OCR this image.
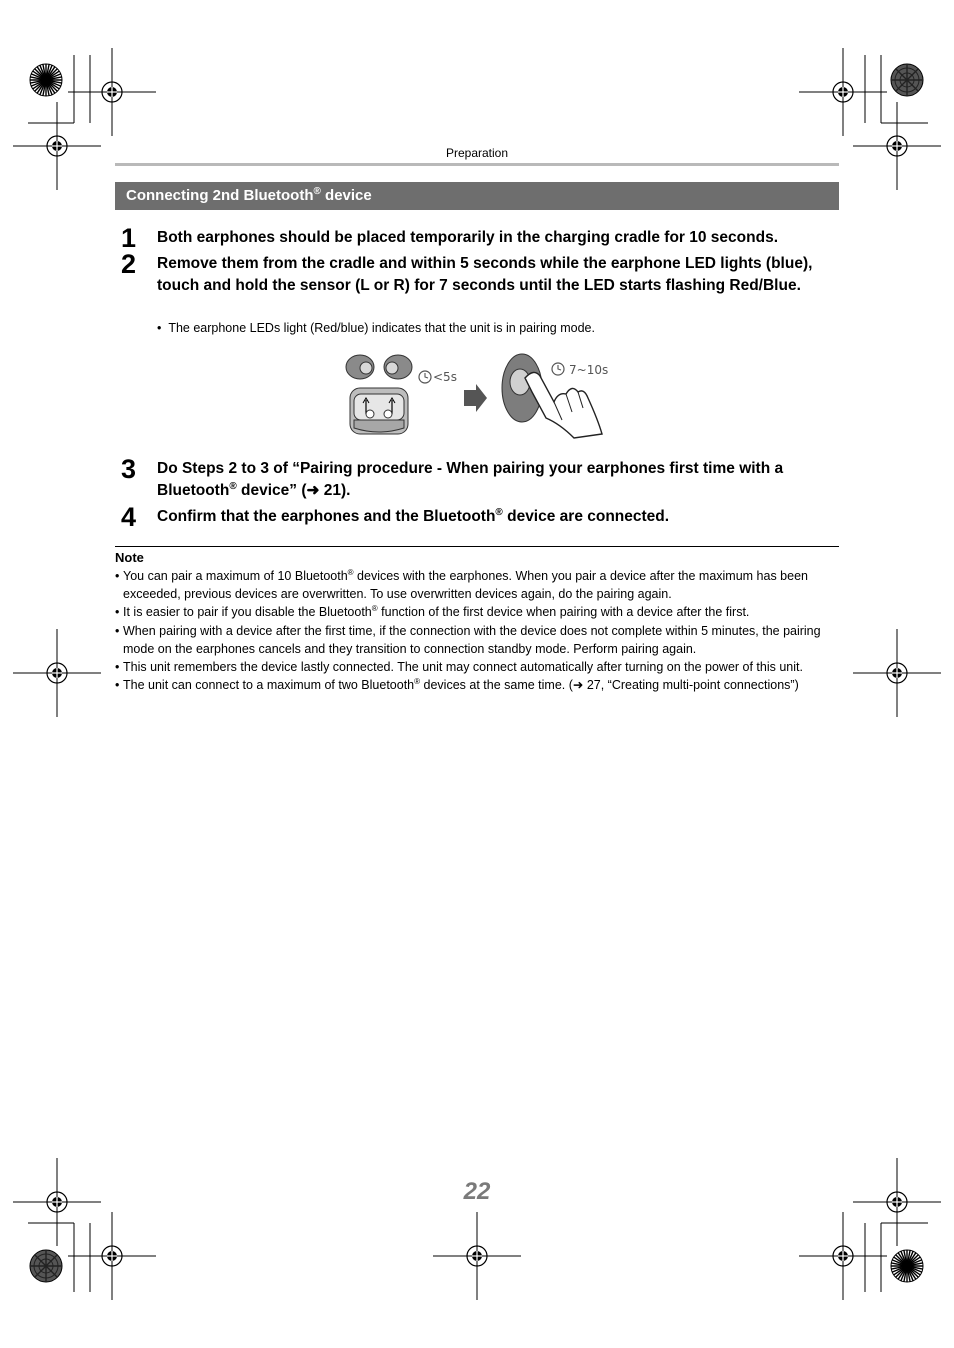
Preparation
Connecting 2nd Bluetooth® device
1 Both earphones should be placed temporarily in the charging cradle for 10 seconds.
2 Remove them from the cradle and within 5 seconds while the earphone LED lights (blue), touch and hold the sensor (L or R) for 7 seconds until the LED starts flashing Red/Blue.
•  The earphone LEDs light (Red/blue) indicates that the unit is in pairing mode.
<5s	7~10s
3 Do Steps 2 to 3 of “Pairing procedure - When pairing your earphones first time with a Bluetooth® device” (➜ 21).
4 Confirm that the earphones and the Bluetooth® device are connected.
Note
• You can pair a maximum of 10 Bluetooth® devices with the earphones. When you pair a device after the maximum has been exceeded, previous devices are overwritten. To use overwritten devices again, do the pairing again.
• It is easier to pair if you disable the Bluetooth® function of the first device when pairing with a device after the first.
• When pairing with a device after the first time, if the connection with the device does not complete within 5 minutes, the pairing mode on the earphones cancels and they transition to connection standby mode. Perform pairing again.
• This unit remembers the device lastly connected. The unit may connect automatically after turning on the power of this unit.
• The unit can connect to a maximum of two Bluetooth® devices at the same time. (➜ 27, “Creating multi-point connections”)
22
